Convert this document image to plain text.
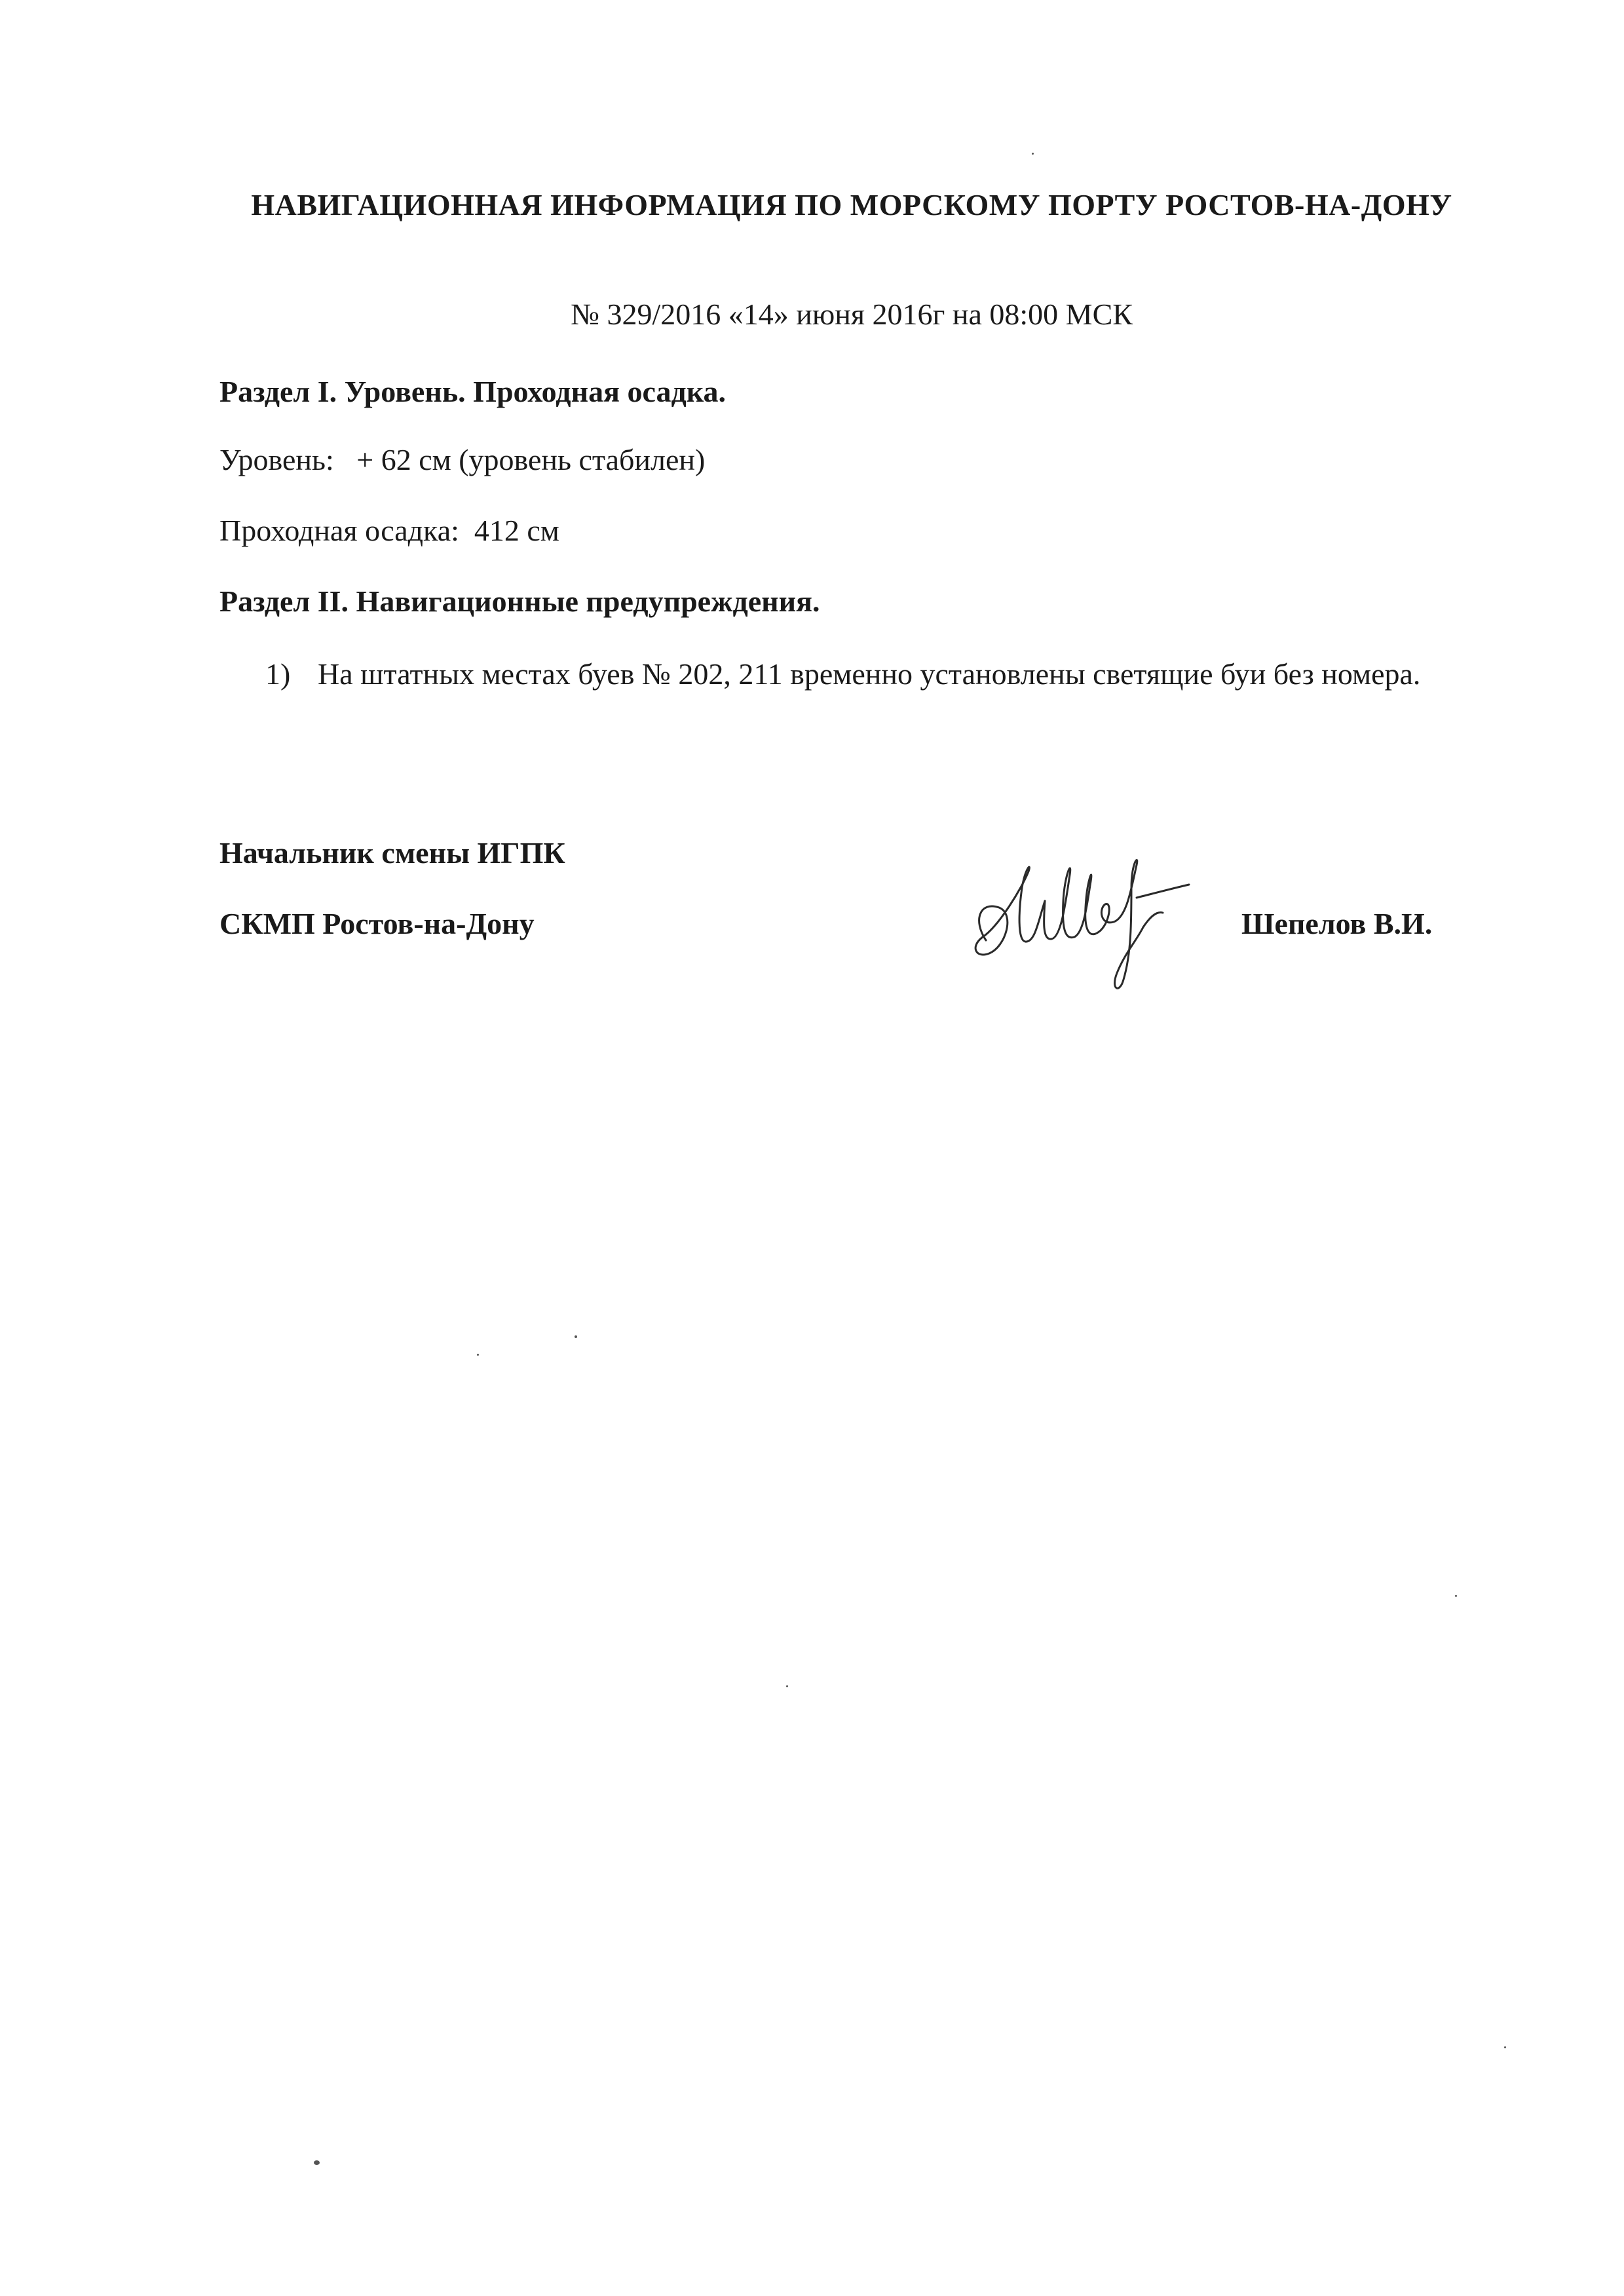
НАВИГАЦИОННАЯ ИНФОРМАЦИЯ ПО МОРСКОМУ ПОРТУ РОСТОВ-НА-ДОНУ
№ 329/2016 «14» июня 2016г на 08:00 МСК
Раздел I. Уровень. Проходная осадка.
Уровень:   + 62 см (уровень стабилен)
Проходная осадка:  412 см
Раздел II. Навигационные предупреждения.
1) На штатных местах буев № 202, 211 временно установлены светящие буи без номера.
Начальник смены ИГПК
СКМП Ростов-на-Дону	Шепелов В.И.
